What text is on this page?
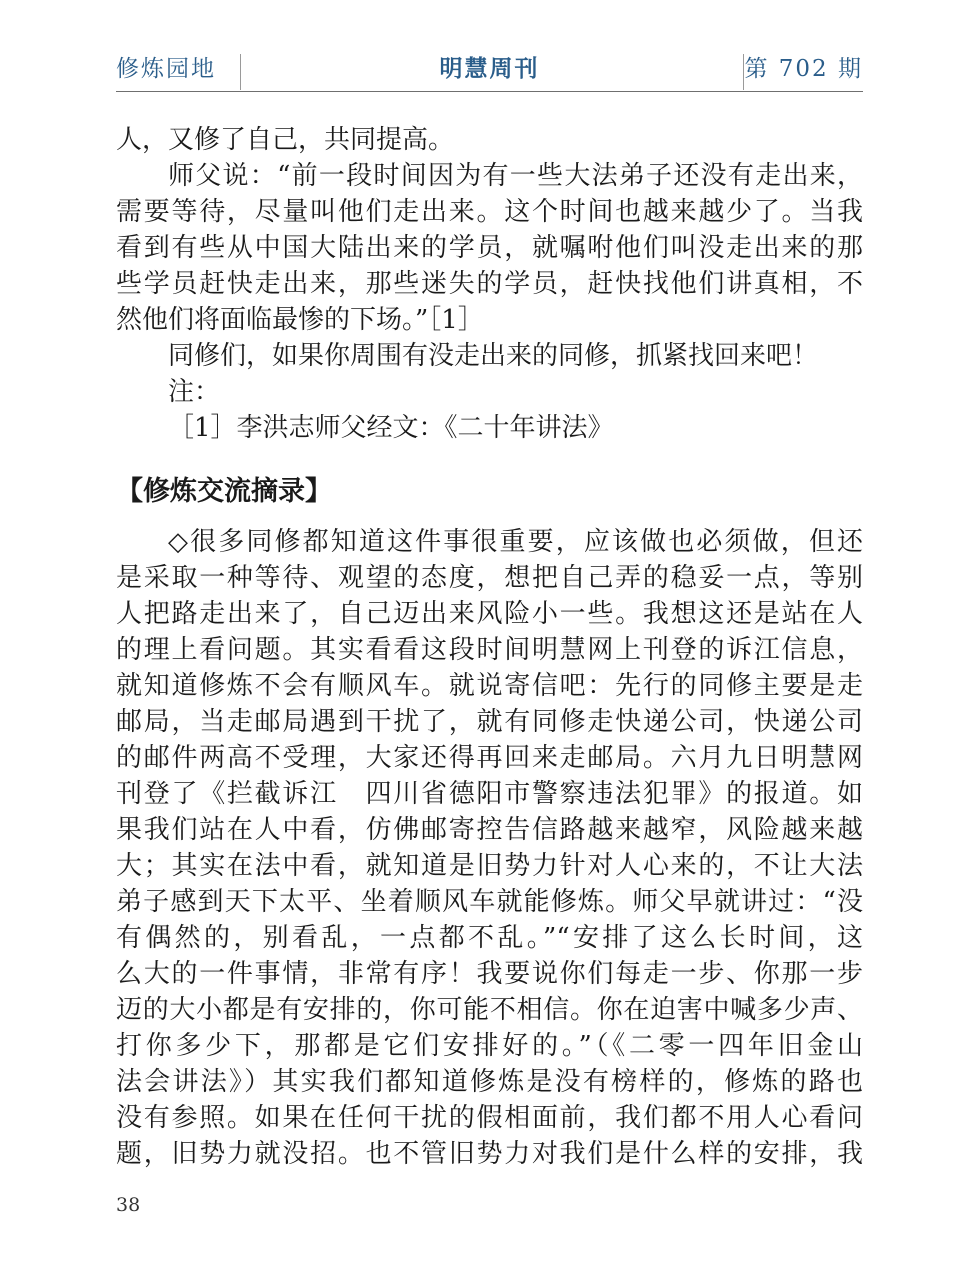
修炼园地	明慧周刊	第 702 期
人，又修了自己，共同提高。
师父说：“前一段时间因为有一些大法弟子还没有走出来，
需要等待，尽量叫他们走出来。这个时间也越来越少了。当我
看到有些从中国大陆出来的学员，就嘱咐他们叫没走出来的那
些学员赶快走出来，那些迷失的学员，赶快找他们讲真相，不
然他们将面临最惨的下场。”［1］
同修们，如果你周围有没走出来的同修，抓紧找回来吧！
注：
［1］李洪志师父经文：《二十年讲法》
【修炼交流摘录】
◇很多同修都知道这件事很重要，应该做也必须做，但还
是采取一种等待、观望的态度，想把自己弄的稳妥一点，等别
人把路走出来了，自己迈出来风险小一些。我想这还是站在人
的理上看问题。其实看看这段时间明慧网上刊登的诉江信息，
就知道修炼不会有顺风车。就说寄信吧：先行的同修主要是走
邮局，当走邮局遇到干扰了，就有同修走快递公司，快递公司
的邮件两高不受理，大家还得再回来走邮局。六月九日明慧网
刊登了《拦截诉江　四川省德阳市警察违法犯罪》的报道。如
果我们站在人中看，仿佛邮寄控告信路越来越窄，风险越来越
大；其实在法中看，就知道是旧势力针对人心来的，不让大法
弟子感到天下太平、坐着顺风车就能修炼。师父早就讲过：“没
有偶然的，别看乱，一点都不乱。”“安排了这么长时间，这
么大的一件事情，非常有序！我要说你们每走一步、你那一步
迈的大小都是有安排的，你可能不相信。你在迫害中喊多少声、
打你多少下，那都是它们安排好的。”（《二零一四年旧金山
法会讲法》）其实我们都知道修炼是没有榜样的，修炼的路也
没有参照。如果在任何干扰的假相面前，我们都不用人心看问
题，旧势力就没招。也不管旧势力对我们是什么样的安排，我
38
